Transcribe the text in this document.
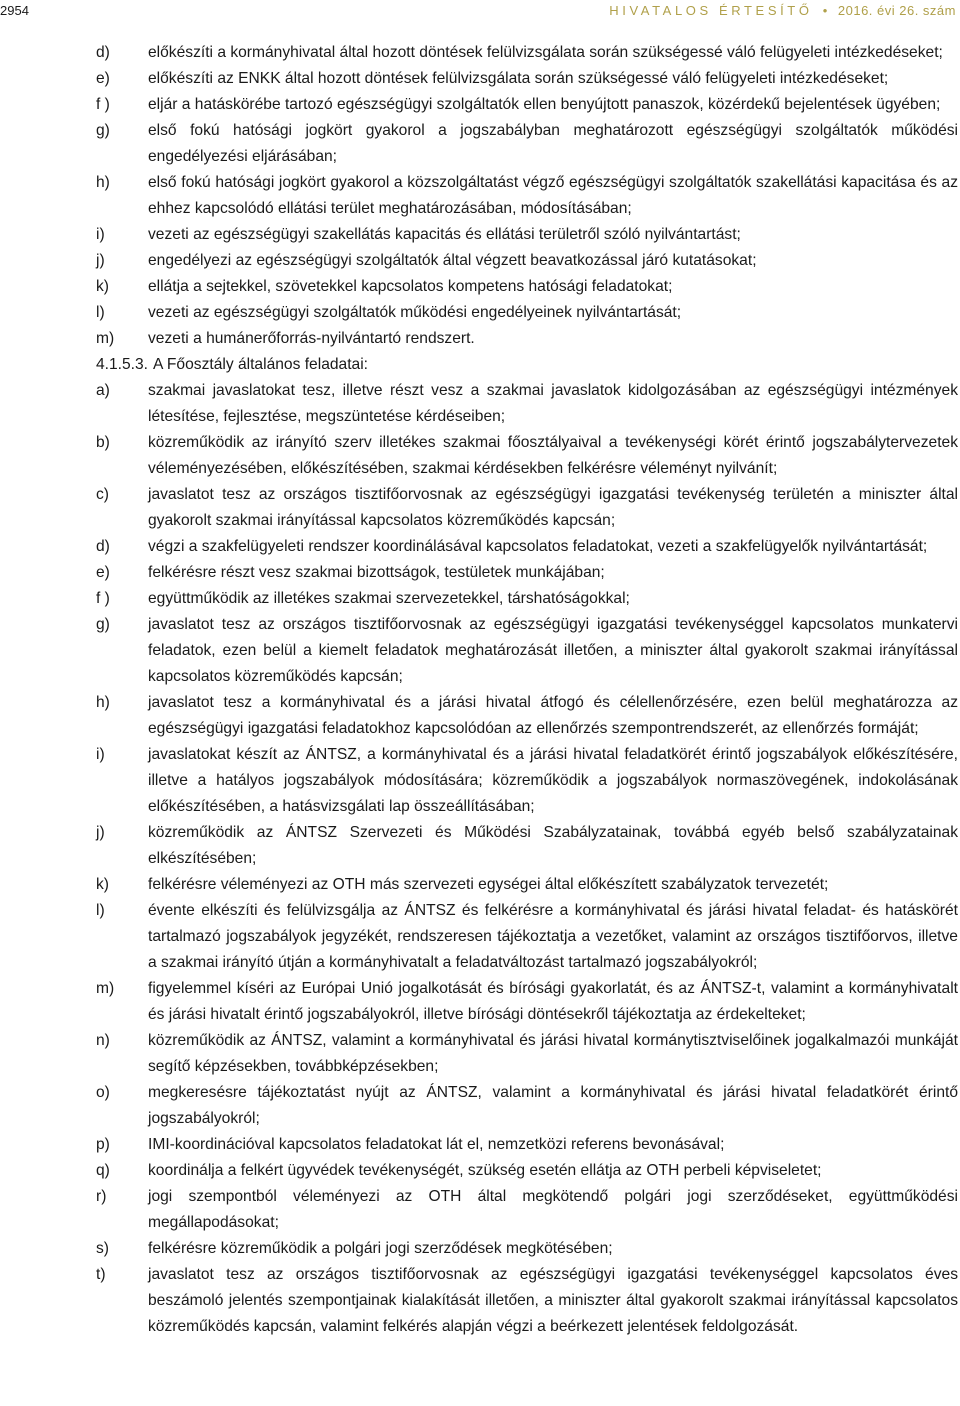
2954	HIVATALOS ÉRTESÍTŐ • 2016. évi 26. szám
d)	előkészíti a kormányhivatal által hozott döntések felülvizsgálata során szükségessé váló felügyeleti intézkedéseket;
e)	előkészíti az ENKK által hozott döntések felülvizsgálata során szükségessé váló felügyeleti intézkedéseket;
f )	eljár a hatáskörébe tartozó egészségügyi szolgáltatók ellen benyújtott panaszok, közérdekű bejelentések ügyében;
g)	első fokú hatósági jogkört gyakorol a jogszabályban meghatározott egészségügyi szolgáltatók működési engedélyezési eljárásában;
h)	első fokú hatósági jogkört gyakorol a közszolgáltatást végző egészségügyi szolgáltatók szakellátási kapacitása és az ehhez kapcsolódó ellátási terület meghatározásában, módosításában;
i)	vezeti az egészségügyi szakellátás kapacitás és ellátási területről szóló nyilvántartást;
j)	engedélyezi az egészségügyi szolgáltatók által végzett beavatkozással járó kutatásokat;
k)	ellátja a sejtekkel, szövetekkel kapcsolatos kompetens hatósági feladatokat;
l)	vezeti az egészségügyi szolgáltatók működési engedélyeinek nyilvántartását;
m)	vezeti a humánerőforrás-nyilvántartó rendszert.
4.1.5.3. A Főosztály általános feladatai:
a)	szakmai javaslatokat tesz, illetve részt vesz a szakmai javaslatok kidolgozásában az egészségügyi intézmények létesítése, fejlesztése, megszüntetése kérdéseiben;
b)	közreműködik az irányító szerv illetékes szakmai főosztályaival a tevékenységi körét érintő jogszabálytervezetek véleményezésében, előkészítésében, szakmai kérdésekben felkérésre véleményt nyilvánít;
c)	javaslatot tesz az országos tisztifőorvosnak az egészségügyi igazgatási tevékenység területén a miniszter által gyakorolt szakmai irányítással kapcsolatos közreműködés kapcsán;
d)	végzi a szakfelügyeleti rendszer koordinálásával kapcsolatos feladatokat, vezeti a szakfelügyelők nyilvántartását;
e)	felkérésre részt vesz szakmai bizottságok, testületek munkájában;
f )	együttműködik az illetékes szakmai szervezetekkel, társhatóságokkal;
g)	javaslatot tesz az országos tisztifőorvosnak az egészségügyi igazgatási tevékenységgel kapcsolatos munkatervi feladatok, ezen belül a kiemelt feladatok meghatározását illetően, a miniszter által gyakorolt szakmai irányítással kapcsolatos közreműködés kapcsán;
h)	javaslatot tesz a kormányhivatal és a járási hivatal átfogó és célellenőrzésére, ezen belül meghatározza az egészségügyi igazgatási feladatokhoz kapcsolódóan az ellenőrzés szempontrendszerét, az ellenőrzés formáját;
i)	javaslatokat készít az ÁNTSZ, a kormányhivatal és a járási hivatal feladatkörét érintő jogszabályok előkészítésére, illetve a hatályos jogszabályok módosítására; közreműködik a jogszabályok normaszövegének, indokolásának előkészítésében, a hatásvizsgálati lap összeállításában;
j)	közreműködik az ÁNTSZ Szervezeti és Működési Szabályzatainak, továbbá egyéb belső szabályzatainak elkészítésében;
k)	felkérésre véleményezi az OTH más szervezeti egységei által előkészített szabályzatok tervezetét;
l)	évente elkészíti és felülvizsgálja az ÁNTSZ és felkérésre a kormányhivatal és járási hivatal feladat- és hatáskörét tartalmazó jogszabályok jegyzékét, rendszeresen tájékoztatja a vezetőket, valamint az országos tisztifőorvos, illetve a szakmai irányító útján a kormányhivatalt a feladatváltozást tartalmazó jogszabályokról;
m)	figyelemmel kíséri az Európai Unió jogalkotását és bírósági gyakorlatát, és az ÁNTSZ-t, valamint a kormányhivatalt és járási hivatalt érintő jogszabályokról, illetve bírósági döntésekről tájékoztatja az érdekelteket;
n)	közreműködik az ÁNTSZ, valamint a kormányhivatal és járási hivatal kormánytisztviselőinek jogalkalmazói munkáját segítő képzésekben, továbbképzésekben;
o)	megkeresésre tájékoztatást nyújt az ÁNTSZ, valamint a kormányhivatal és járási hivatal feladatkörét érintő jogszabályokról;
p)	IMI-koordinációval kapcsolatos feladatokat lát el, nemzetközi referens bevonásával;
q)	koordinálja a felkért ügyvédek tevékenységét, szükség esetén ellátja az OTH perbeli képviseletet;
r)	jogi szempontból véleményezi az OTH által megkötendő polgári jogi szerződéseket, együttműködési megállapodásokat;
s)	felkérésre közreműködik a polgári jogi szerződések megkötésében;
t)	javaslatot tesz az országos tisztifőorvosnak az egészségügyi igazgatási tevékenységgel kapcsolatos éves beszámoló jelentés szempontjainak kialakítását illetően, a miniszter által gyakorolt szakmai irányítással kapcsolatos közreműködés kapcsán, valamint felkérés alapján végzi a beérkezett jelentések feldolgozását.
